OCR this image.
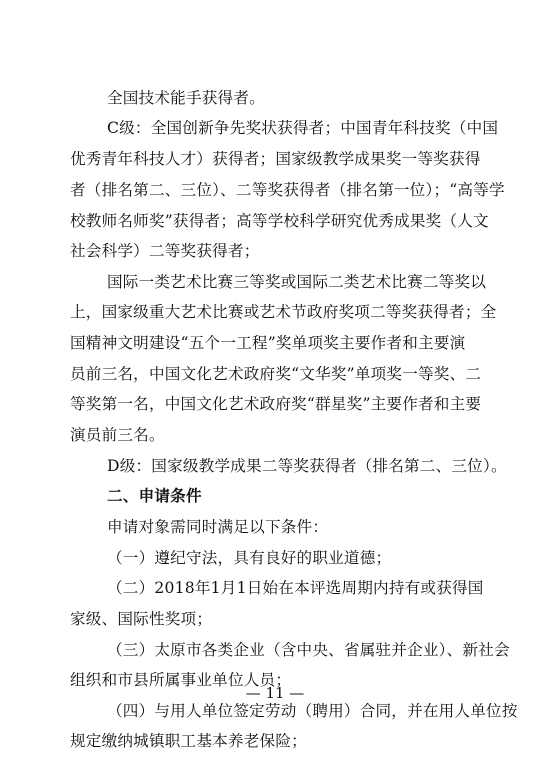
全国技术能手获得者。
C级：全国创新争先奖状获得者；中国青年科技奖（中国
优秀青年科技人才）获得者；国家级教学成果奖一等奖获得
者（排名第二、三位）、二等奖获得者（排名第一位）；“高等学
校教师名师奖”获得者；高等学校科学研究优秀成果奖（人文
社会科学）二等奖获得者；
国际一类艺术比赛三等奖或国际二类艺术比赛二等奖以
上，国家级重大艺术比赛或艺术节政府奖项二等奖获得者；全
国精神文明建设“五个一工程”奖单项奖主要作者和主要演
员前三名，中国文化艺术政府奖“文华奖”单项奖一等奖、二
等奖第一名，中国文化艺术政府奖“群星奖”主要作者和主要
演员前三名。
D级：国家级教学成果二等奖获得者（排名第二、三位）。
二、申请条件
申请对象需同时满足以下条件：
（一）遵纪守法，具有良好的职业道德；
（二）2018年1月1日始在本评选周期内持有或获得国
家级、国际性奖项；
（三）太原市各类企业（含中央、省属驻并企业）、新社会
组织和市县所属事业单位人员；
（四）与用人单位签定劳动（聘用）合同，并在用人单位按
规定缴纳城镇职工基本养老保险；
— 11 —
